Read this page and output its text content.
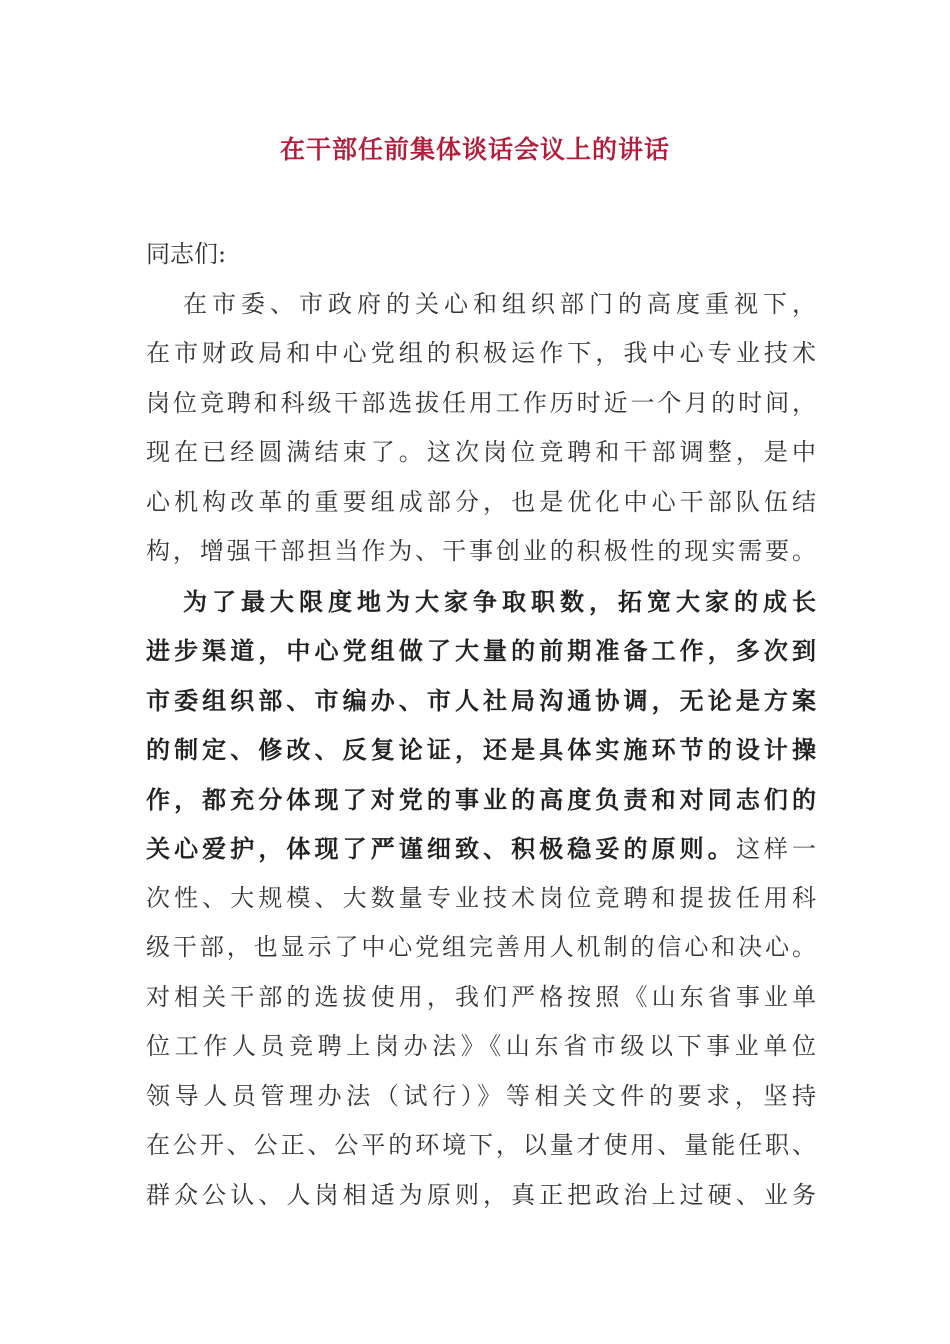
在干部任前集体谈话会议上的讲话
同志们:
在市委、市政府的关心和组织部门的高度重视下，
在市财政局和中心党组的积极运作下，我中心专业技术
岗位竞聘和科级干部选拔任用工作历时近一个月的时间，
现在已经圆满结束了。这次岗位竞聘和干部调整，是中
心机构改革的重要组成部分，也是优化中心干部队伍结
构，增强干部担当作为、干事创业的积极性的现实需要。
为了最大限度地为大家争取职数，拓宽大家的成长
进步渠道，中心党组做了大量的前期准备工作，多次到
市委组织部、市编办、市人社局沟通协调，无论是方案
的制定、修改、反复论证，还是具体实施环节的设计操
作，都充分体现了对党的事业的高度负责和对同志们的
关心爱护，体现了严谨细致、积极稳妥的原则。这样一
次性、大规模、大数量专业技术岗位竞聘和提拔任用科
级干部，也显示了中心党组完善用人机制的信心和决心。
对相关干部的选拔使用，我们严格按照《山东省事业单
位工作人员竞聘上岗办法》《山东省市级以下事业单位
领导人员管理办法（试行）》等相关文件的要求，坚持
在公开、公正、公平的环境下，以量才使用、量能任职、
群众公认、人岗相适为原则，真正把政治上过硬、业务
